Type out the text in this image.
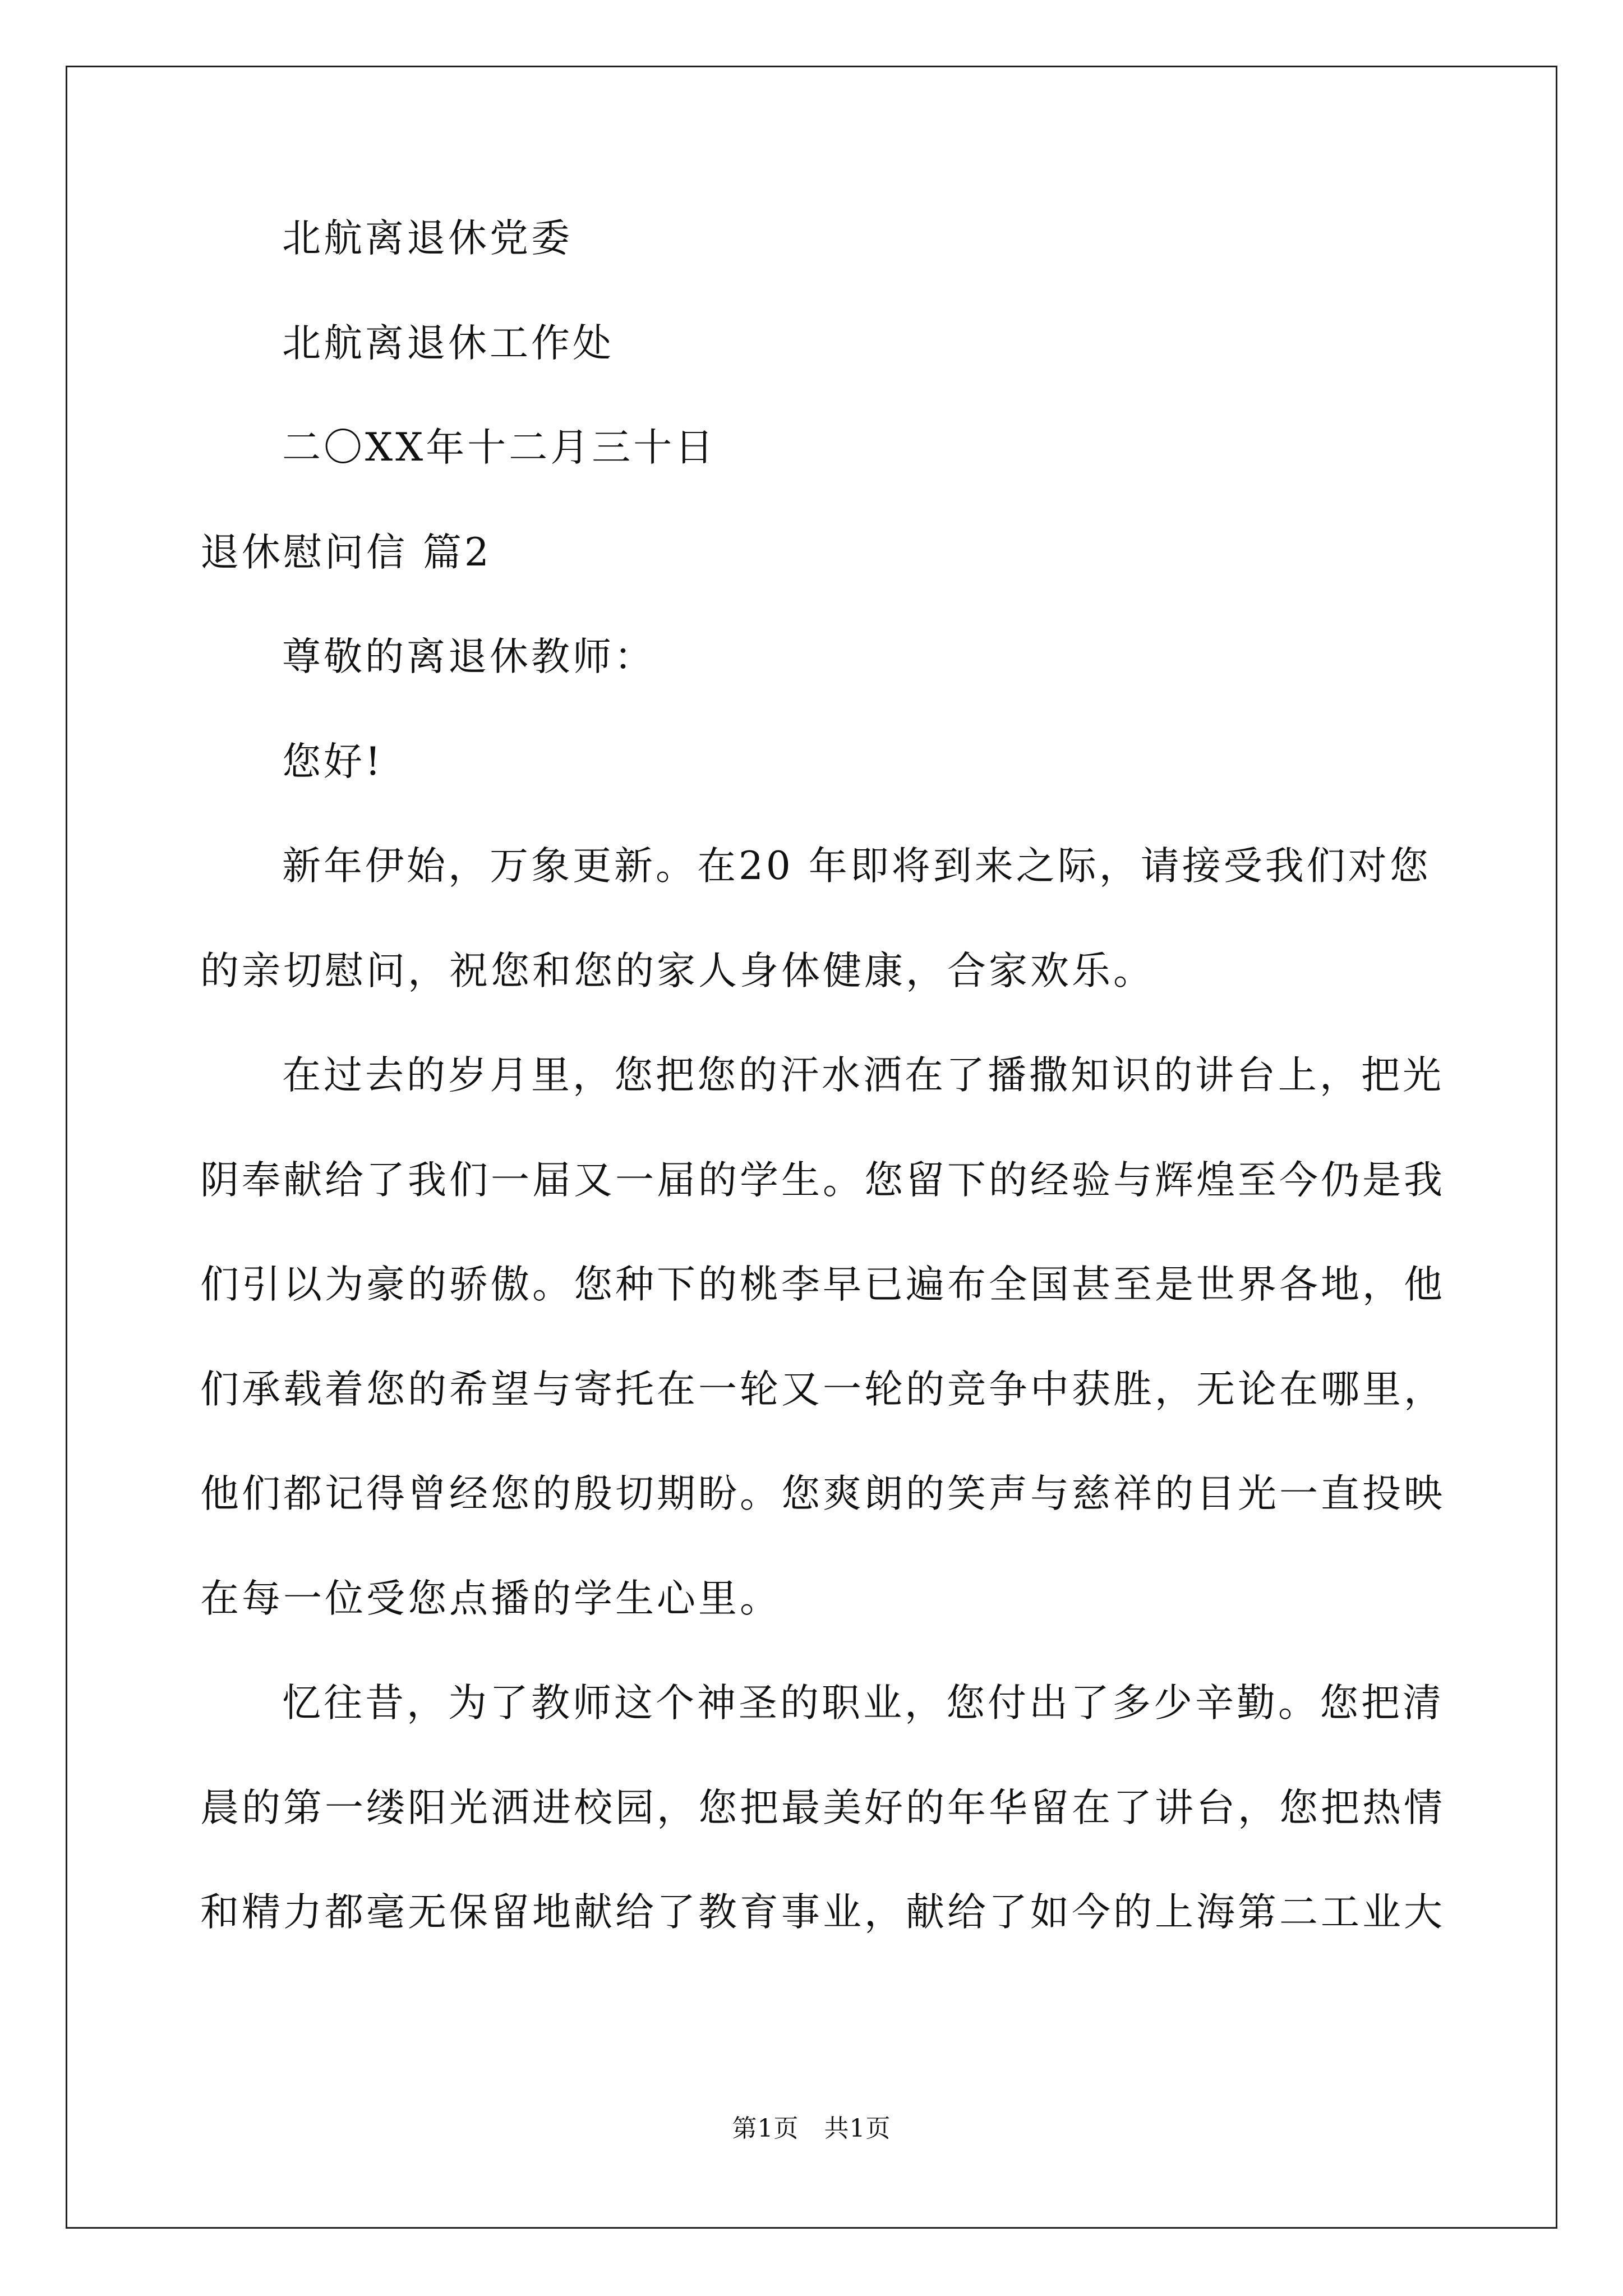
北航离退休党委
北航离退休工作处
二〇XX年十二月三十日
退休慰问信 篇2
尊敬的离退休教师：
您好!
新年伊始，万象更新。在20 年即将到来之际，请接受我们对您
的亲切慰问，祝您和您的家人身体健康，合家欢乐。
在过去的岁月里，您把您的汗水洒在了播撒知识的讲台上，把光
阴奉献给了我们一届又一届的学生。您留下的经验与辉煌至今仍是我
们引以为豪的骄傲。您种下的桃李早已遍布全国甚至是世界各地，他
们承载着您的希望与寄托在一轮又一轮的竞争中获胜，无论在哪里，
他们都记得曾经您的殷切期盼。您爽朗的笑声与慈祥的目光一直投映
在每一位受您点播的学生心里。
忆往昔，为了教师这个神圣的职业，您付出了多少辛勤。您把清
晨的第一缕阳光洒进校园，您把最美好的年华留在了讲台，您把热情
和精力都毫无保留地献给了教育事业，献给了如今的上海第二工业大
第1页   共1页
